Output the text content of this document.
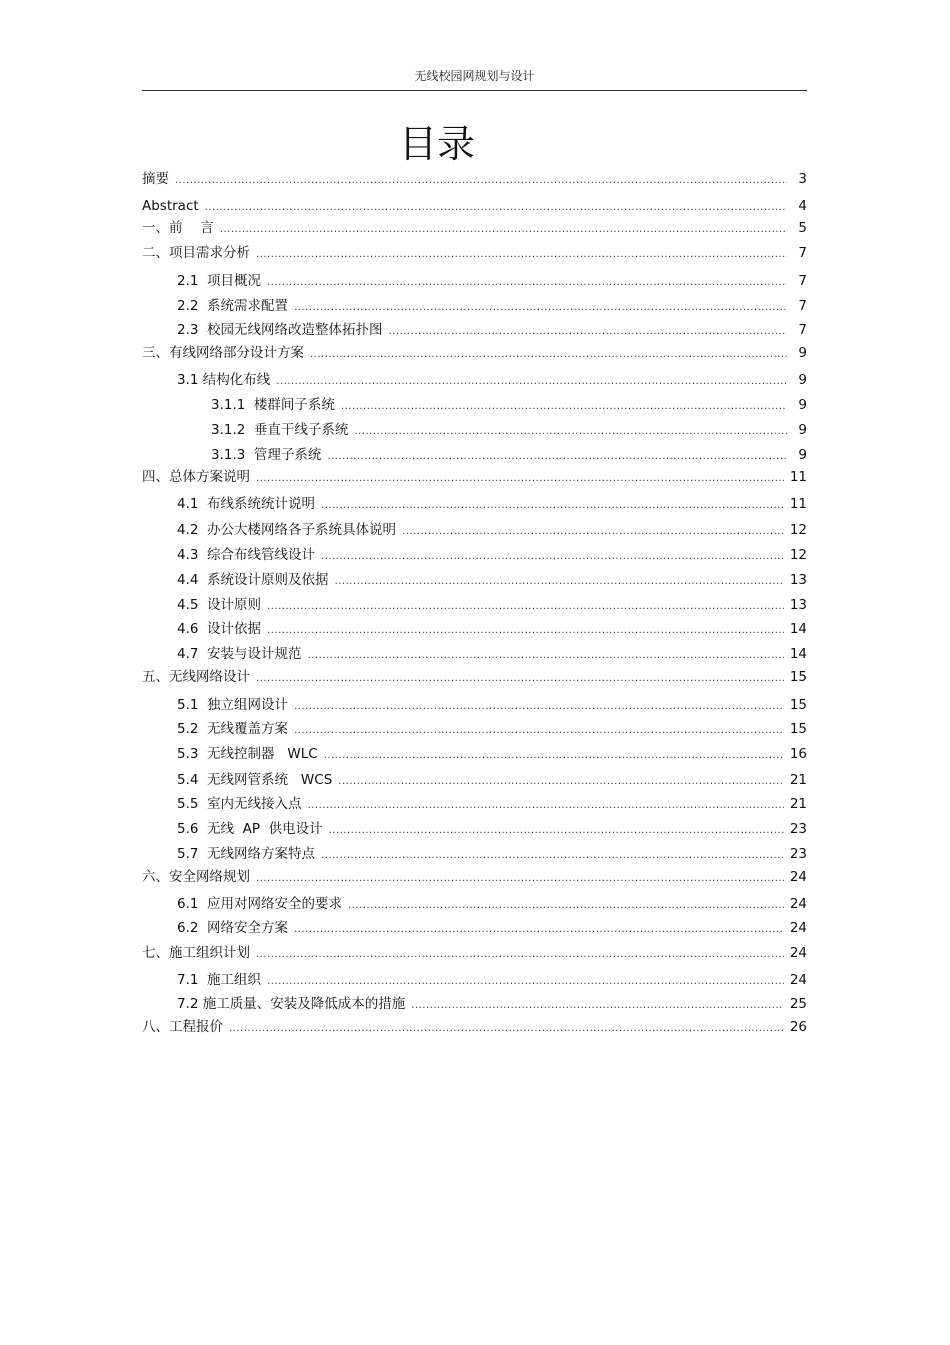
无线校园网规划与设计
目录
摘要 .....	3
Abstract .....	4
一、前　 言 .....	5
二、项目需求分析 .....	7
2.1  项目概况 .....	7
2.2  系统需求配置 .....	7
2.3  校园无线网络改造整体拓扑图 .....	7
三、有线网络部分设计方案 .....	9
3.1 结构化布线 .....	9
3.1.1  楼群间子系统 .....	9
3.1.2  垂直干线子系统 .....	9
3.1.3  管理子系统 .....	9
四、总体方案说明 .....	11
4.1  布线系统统计说明 .....	11
4.2  办公大楼网络各子系统具体说明 .....	12
4.3  综合布线管线设计 .....	12
4.4  系统设计原则及依据 .....	13
4.5  设计原则 .....	13
4.6  设计依据 .....	14
4.7  安装与设计规范 .....	14
五、无线网络设计 .....	15
5.1  独立组网设计 .....	15
5.2  无线覆盖方案 .....	15
5.3  无线控制器   WLC .....	16
5.4  无线网管系统   WCS .....	21
5.5  室内无线接入点 .....	21
5.6  无线  AP  供电设计 .....	23
5.7  无线网络方案特点 .....	23
六、安全网络规划 .....	24
6.1  应用对网络安全的要求 .....	24
6.2  网络安全方案 .....	24
七、施工组织计划 .....	24
7.1  施工组织 .....	24
7.2 施工质量、安装及降低成本的措施 .....	25
八、工程报价 .....	26
